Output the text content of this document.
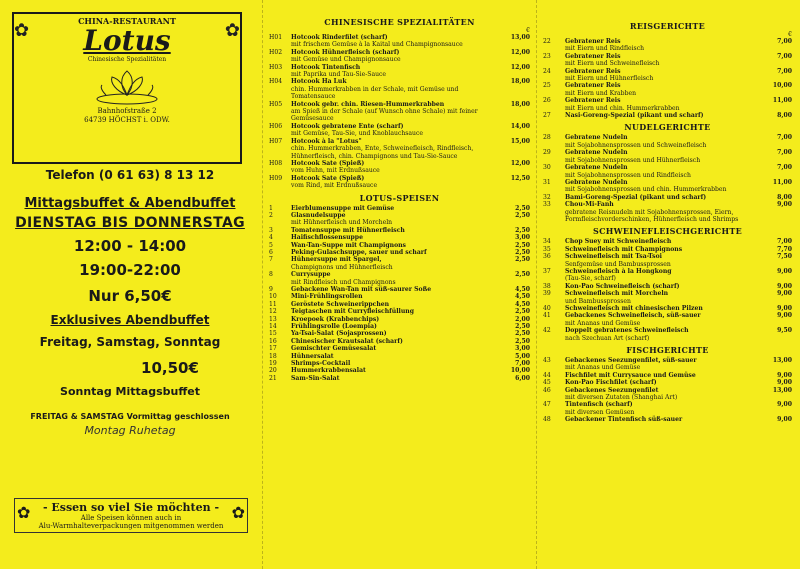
✿	✿
CHINA-RESTAURANT
Lotus
Chinesische Spezialitäten
Bahnhofstraße 2
64739 HÖCHST i. ODW.
Telefon (0 61 63) 8 13 12
Mittagsbuffet & Abendbuffet
DIENSTAG BIS DONNERSTAG
12:00 - 14:00
19:00-22:00
Nur 6,50€
Exklusives Abendbuffet
Freitag, Samstag, Sonntag
10,50€
Sonntag Mittagsbuffet
FREITAG & SAMSTAG Vormittag geschlossen
Montag Ruhetag
✿	✿
- Essen so viel Sie möchten -
Alle Speisen können auch in
Alu-Warmhalteverpackungen mitgenommen werden
CHINESISCHE SPEZIALITÄTEN
€
H01	Hotcook Rinderfilet (scharf)
mit frischem Gemüse à la Kaital und Champignonsauce
13,00
H02	Hotcook Hühnerfleisch (scharf)
mit Gemüse und Champignonsauce
12,00
H03	Hotcook Tintenfisch
mit Paprika und Tau-Sie-Sauce
12,00
H04	Hotcook Ha Luk
chin. Hummerkrabben in der Schale, mit Gemüse und Tomatensauce
18,00
H05	Hotcook gebr. chin. Riesen-Hummerkrabben
am Spieß in der Schale (auf Wunsch ohne Schale) mit feiner Gemüsesauce
18,00
H06	Hotcook gebratene Ente (scharf)
mit Gemüse, Tau-Sie, und Knoblauchsauce
14,00
H07	Hotcook à la "Lotus"
chin. Hummerkrabben, Ente, Schweinefleisch, Rindfleisch, Hühnerfleisch, chin. Champignons und Tau-Sie-Sauce
15,00
H08	Hotcook Sate (Spieß)
vom Huhn, mit Erdnußsauce
12,00
H09	Hotcook Sate (Spieß)
vom Rind, mit Erdnußsauce
12,50
LOTUS-SPEISEN
1	Eierblumensuppe mit Gemüse	2,50
2	Glasnudelsuppe
mit Hühnerfleisch und Morcheln
2,50
3	Tomatensuppe mit Hühnerfleisch	2,50
4	Haifischflossensuppe	3,00
5	Wan-Tan-Suppe mit Champignons	2,50
6	Peking-Gulaschsuppe, sauer und scharf	2,50
7	Hühnersuppe mit Spargel,
Champignons und Hühnerfleisch
2,50
8	Currysuppe
mit Rindfleisch und Champignons
2,50
9	Gebackene Wan-Tan mit süß-saurer Soße	4,50
10	Mini-Frühlingsrollen	4,50
11	Geröstete Schweinerippchen	4,50
12	Teigtaschen mit Curryfleischfüllung	2,50
13	Kroepoek (Krabbenchips)	2,00
14	Frühlingsrolle (Loempia)	2,50
15	Ya-Tsai-Salat (Sojasprossen)	2,50
16	Chinesischer Krautsalat (scharf)	2,50
17	Gemischter Gemüsesalat	3,00
18	Hühnersalat	5,00
19	Shrimps-Cocktail	7,00
20	Hummerkrabbensalat	10,00
21	Sam-Sin-Salat	6,00
REISGERICHTE
€
22	Gebratener Reis
mit Eiern und Rindfleisch
7,00
23	Gebratener Reis
mit Eiern und Schweinefleisch
7,00
24	Gebratener Reis
mit Eiern und Hühnerfleisch
7,00
25	Gebratener Reis
mit Eiern und Krabben
10,00
26	Gebratener Reis
mit Eiern und chin. Hummerkrabben
11,00
27	Nasi-Goreng-Spezial (pikant und scharf)	8,00
NUDELGERICHTE
28	Gebratene Nudeln
mit Sojabohnensprossen und Schweinefleisch
7,00
29	Gebratene Nudeln
mit Sojabohnensprossen und Hühnerfleisch
7,00
30	Gebratene Nudeln
mit Sojabohnensprossen und Rindfleisch
7,00
31	Gebratene Nudeln
mit Sojabohnensprossen und chin. Hummerkrabben
11,00
32	Bami-Goreng-Spezial (pikant und scharf)	8,00
33	Chou-Mi-Fanh
gebratene Reisnudeln mit Sojabohnensprossen, Eiern, Formfleischvorderschinken, Hühnerfleisch und Shrimps
9,00
SCHWEINEFLEISCHGERICHTE
34	Chop Suey mit Schweinefleisch	7,00
35	Schweinefleisch mit Champignons	7,70
36	Schweinefleisch mit Tsa-Tsoi
Senfgemüse und Bambussprossen
7,50
37	Schweinefleisch à la Hongkong
(Tau-Sie, scharf)
9,00
38	Kon-Pao Schweinefleisch (scharf)	9,00
39	Schweinefleisch mit Morcheln
und Bambussprossen
9,00
40	Schweinefleisch mit chinesischen Pilzen	9,00
41	Gebackenes Schweinefleisch, süß-sauer
mit Ananas und Gemüse
9,00
42	Doppelt gebratenes Schweinefleisch
nach Szechuan Art (scharf)
9,50
FISCHGERICHTE
43	Gebackenes Seezungenfilet, süß-sauer
mit Ananas und Gemüse
13,00
44	Fischfilet mit Currysauce und Gemüse	9,00
45	Kon-Pao Fischfilet (scharf)	9,00
46	Gebackenes Seezungenfilet
mit diversen Zutaten (Shanghai Art)
13,00
47	Tintenfisch (scharf)
mit diversen Gemüsen
9,00
48	Gebackener Tintenfisch süß-sauer	9,00
